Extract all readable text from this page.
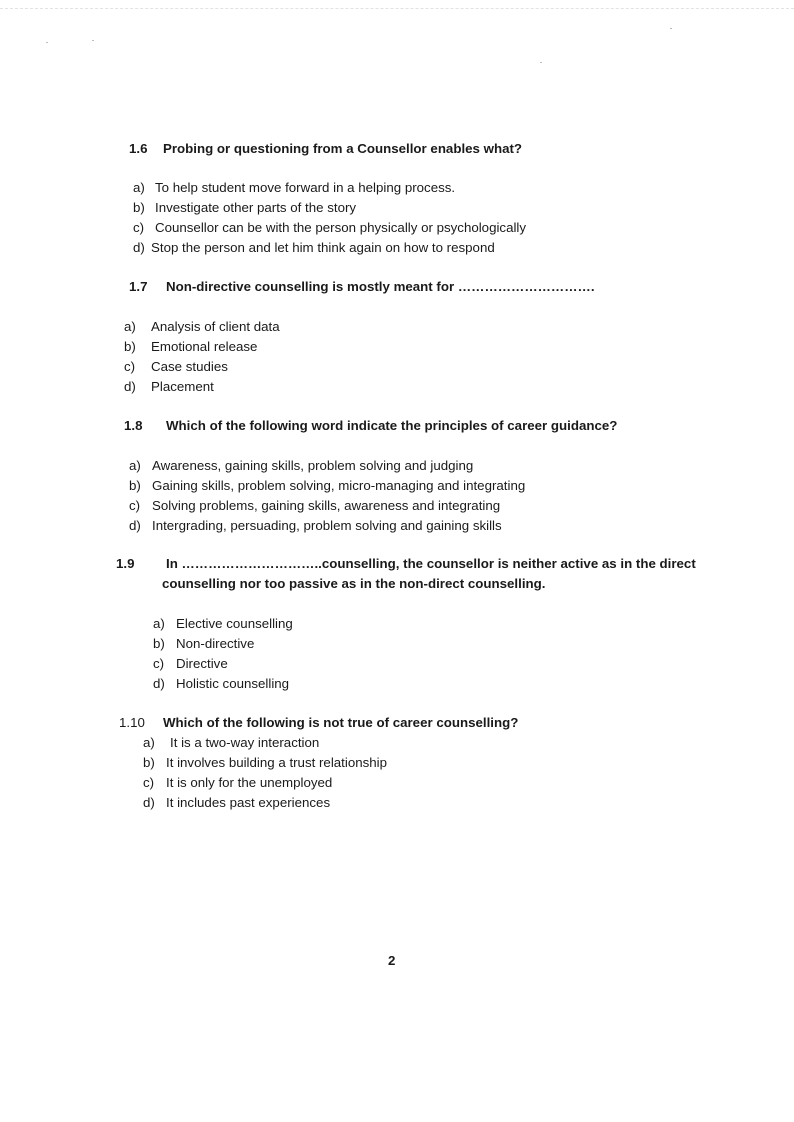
1.6 Probing or questioning from a Counsellor enables what?
a) To help student move forward in a helping process.
b) Investigate other parts of the story
c) Counsellor can be with the person physically or psychologically
d) Stop the person and let him think again on how to respond
1.7 Non-directive counselling is mostly meant for ………………………….
a) Analysis of client data
b) Emotional release
c) Case studies
d) Placement
1.8 Which of the following word indicate the principles of career guidance?
a) Awareness, gaining skills, problem solving and judging
b) Gaining skills, problem solving, micro-managing and integrating
c) Solving problems, gaining skills, awareness and integrating
d) Intergrading, persuading, problem solving and gaining skills
1.9 In …………………………..counselling, the counsellor is neither active as in the direct
counselling nor too passive as in the non-direct counselling.
a) Elective counselling
b) Non-directive
c) Directive
d) Holistic counselling
1.10 Which of the following is not true of career counselling?
a) It is a two-way interaction
b) It involves building a trust relationship
c) It is only for the unemployed
d) It includes past experiences
2
